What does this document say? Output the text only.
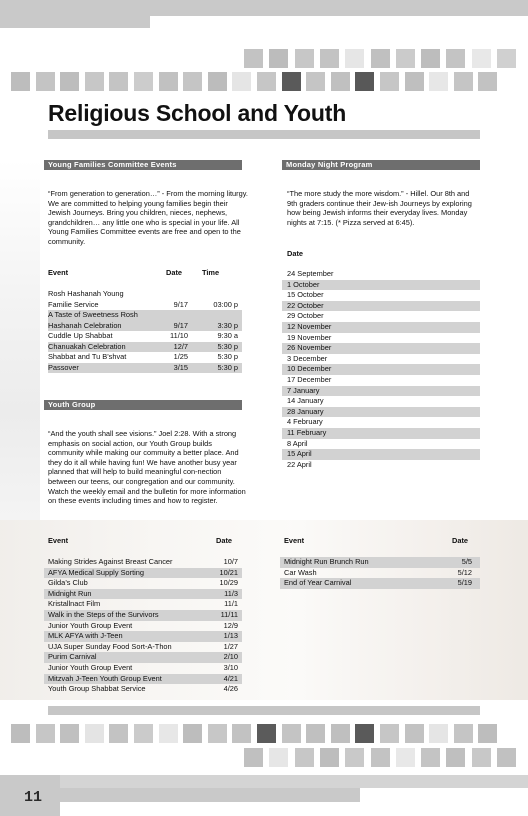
Religious School and Youth
Young Families Committee Events
“From generation to generation…” - From the morning liturgy. We are committed to helping young families begin their Jewish Journeys. Bring you children, nieces, nephews, grandchildren… any little one who is special in your life. All Young Families Committee events are free and open to the community.
Event	Date	Time
Rosh Hashanah Young
Familie Service	9/17	03:00 p
A Taste of Sweetness Rosh
Hashanah Celebration	9/17	3:30 p
Cuddle Up Shabbat	11/10	9:30 a
Chanuakah Celebration	12/7	5:30 p
Shabbat and Tu B’shvat	1/25	5:30 p
Passover	3/15	5:30 p
Monday Night Program
“The more study the more wisdom.” - Hillel. Our 8th and 9th graders continue their Jew-ish Journeys by exploring how being Jewish informs their everyday lives. Monday nights at 7:15. (* Pizza served at 6:45).
Date
24 September
1 October
15 October
22 October
29 October
12 November
19 November
26 November
3 December
10 December
17 December
7 January
14 January
28 January
4 February
11 February
8 April
15 April
22 April
Youth Group
“And the youth shall see visions.” Joel 2:28. With a strong emphasis on social action, our Youth Group builds community while making our commuity a better place. And they do it all while having fun! We have another busy year planned that will help to build meaningful con-nection between our teens, our congregation and our community. Watch the weekly email and the bulletin for more information on these events including times and how to register.
Event	Date
Making Strides Against Breast Cancer	10/7
AFYA Medical Supply Sorting	10/21
Gilda’s Club	10/29
Midnight Run	11/3
Kristallnact Film	11/1
Walk in the Steps of the Survivors	11/11
Junior Youth Group Event	12/9
MLK AFYA with J-Teen	1/13
UJA Super Sunday Food Sort-A-Thon	1/27
Purim Carnival	2/10
Junior Youth Group Event	3/10
Mitzvah J-Teen Youth Group Event	4/21
Youth Group Shabbat Service	4/26
Event	Date
Midnight Run Brunch Run	5/5
Car Wash	5/12
End of Year Carnival	5/19
11
